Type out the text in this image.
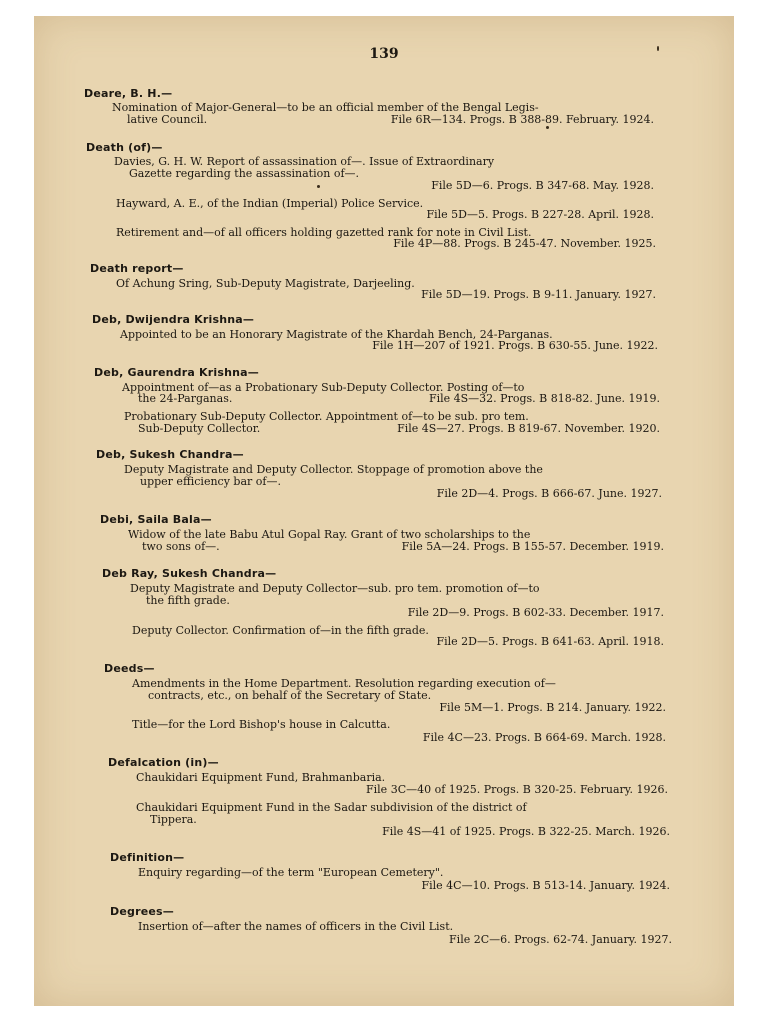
139
Deare, B. H.—
Nomination of Major-General—to be an official member of the Bengal Legis-
lative Council.	File 6R—134. Progs. B 388-89. February. 1924.
Death (of)—
Davies, G. H. W. Report of assassination of—. Issue of Extraordinary
Gazette regarding the assassination of—.
File 5D—6. Progs. B 347-68. May. 1928.
Hayward, A. E., of the Indian (Imperial) Police Service.
File 5D—5. Progs. B 227-28. April. 1928.
Retirement and—of all officers holding gazetted rank for note in Civil List.
File 4P—88. Progs. B 245-47. November. 1925.
Death report—
Of Achung Sring, Sub-Deputy Magistrate, Darjeeling.
File 5D—19. Progs. B 9-11. January. 1927.
Deb, Dwijendra Krishna—
Appointed to be an Honorary Magistrate of the Khardah Bench, 24-Parganas.
File 1H—207 of 1921. Progs. B 630-55. June. 1922.
Deb, Gaurendra Krishna—
Appointment of—as a Probationary Sub-Deputy Collector. Posting of—to
the 24-Parganas.	File 4S—32. Progs. B 818-82. June. 1919.
Probationary Sub-Deputy Collector. Appointment of—to be sub. pro tem.
Sub-Deputy Collector.	File 4S—27. Progs. B 819-67. November. 1920.
Deb, Sukesh Chandra—
Deputy Magistrate and Deputy Collector. Stoppage of promotion above the
upper efficiency bar of—.
File 2D—4. Progs. B 666-67. June. 1927.
Debi, Saila Bala—
Widow of the late Babu Atul Gopal Ray. Grant of two scholarships to the
two sons of—.	File 5A—24. Progs. B 155-57. December. 1919.
Deb Ray, Sukesh Chandra—
Deputy Magistrate and Deputy Collector—sub. pro tem. promotion of—to
the fifth grade.
File 2D—9. Progs. B 602-33. December. 1917.
Deputy Collector. Confirmation of—in the fifth grade.
File 2D—5. Progs. B 641-63. April. 1918.
Deeds—
Amendments in the Home Department. Resolution regarding execution of—
contracts, etc., on behalf of the Secretary of State.
File 5M—1. Progs. B 214. January. 1922.
Title—for the Lord Bishop's house in Calcutta.
File 4C—23. Progs. B 664-69. March. 1928.
Defalcation (in)—
Chaukidari Equipment Fund, Brahmanbaria.
File 3C—40 of 1925. Progs. B 320-25. February. 1926.
Chaukidari Equipment Fund in the Sadar subdivision of the district of
Tippera.
File 4S—41 of 1925. Progs. B 322-25. March. 1926.
Definition—
Enquiry regarding—of the term "European Cemetery".
File 4C—10. Progs. B 513-14. January. 1924.
Degrees—
Insertion of—after the names of officers in the Civil List.
File 2C—6. Progs. 62-74. January. 1927.
